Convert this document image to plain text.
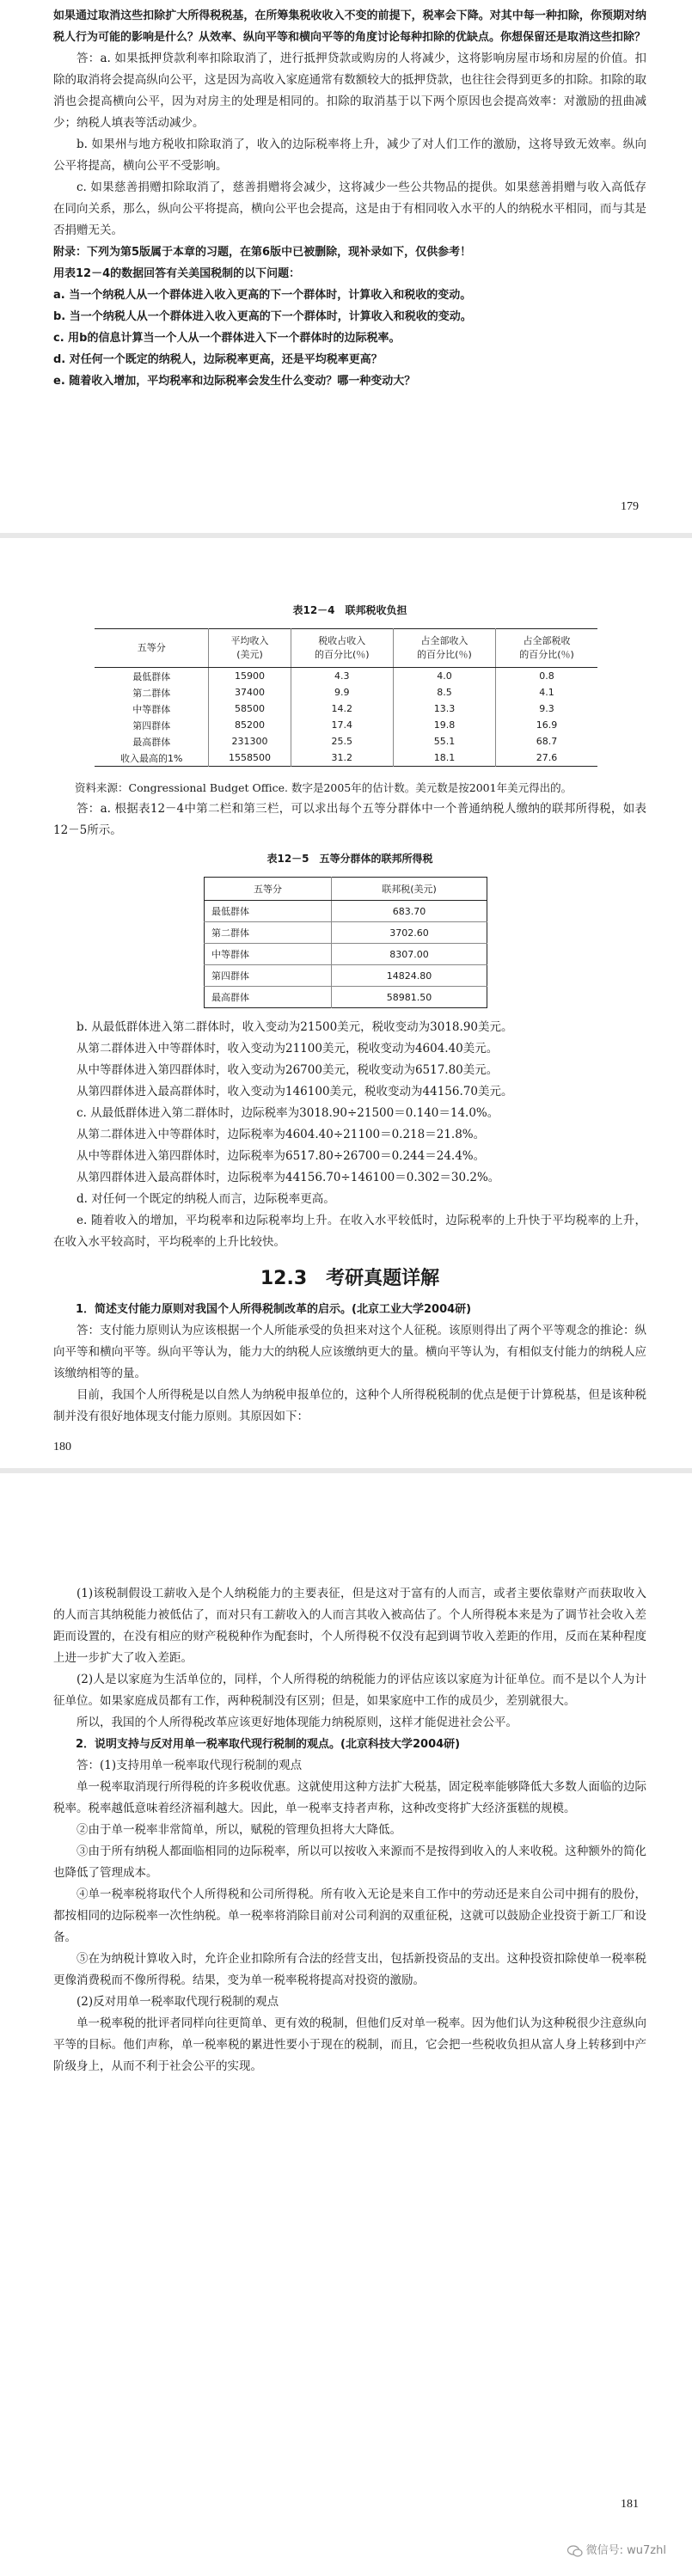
如果通过取消这些扣除扩大所得税税基，在所筹集税收收入不变的前提下，税率会下降。对其中每一种扣除，你预期对纳税人行为可能的影响是什么？从效率、纵向平等和横向平等的角度讨论每种扣除的优缺点。你想保留还是取消这些扣除？

答：a. 如果抵押贷款利率扣除取消了，进行抵押贷款或购房的人将减少，这将影响房屋市场和房屋的价值。扣除的取消将会提高纵向公平，这是因为高收入家庭通常有数额较大的抵押贷款，也往往会得到更多的扣除。扣除的取消也会提高横向公平，因为对房主的处理是相同的。扣除的取消基于以下两个原因也会提高效率：对激励的扭曲减少；纳税人填表等活动减少。

b. 如果州与地方税收扣除取消了，收入的边际税率将上升，减少了对人们工作的激励，这将导致无效率。纵向公平将提高，横向公平不受影响。

c. 如果慈善捐赠扣除取消了，慈善捐赠将会减少，这将减少一些公共物品的提供。如果慈善捐赠与收入高低存在同向关系，那么，纵向公平将提高，横向公平也会提高，这是由于有相同收入水平的人的纳税水平相同，而与其是否捐赠无关。

附录：下列为第5版属于本章的习题，在第6版中已被删除，现补录如下，仅供参考！

用表12－4的数据回答有关美国税制的以下问题：

a. 当一个纳税人从一个群体进入收入更高的下一个群体时，计算收入和税收的变动。

b. 当一个纳税人从一个群体进入收入更高的下一个群体时，计算收入和税收的变动。

c. 用b的信息计算当一个人从一个群体进入下一个群体时的边际税率。

d. 对任何一个既定的纳税人，边际税率更高，还是平均税率更高？

e. 随着收入增加，平均税率和边际税率会发生什么变动？哪一种变动大？

179

表12－4　联邦税收负担

五等分	平均收入
(美元)	税收占收入
的百分比(％)	占全部收入
的百分比(％)	占全部税收
的百分比(％)
最低群体	15900	4.3	4.0	0.8
第二群体	37400	9.9	8.5	4.1
中等群体	58500	14.2	13.3	9.3
第四群体	85200	17.4	19.8	16.9
最高群体	231300	25.5	55.1	68.7
收入最高的1%	1558500	31.2	18.1	27.6

资料来源：Congressional Budget Office. 数字是2005年的估计数。美元数是按2001年美元得出的。

答：a. 根据表12－4中第二栏和第三栏，可以求出每个五等分群体中一个普通纳税人缴纳的联邦所得税，如表12－5所示。

表12－5　五等分群体的联邦所得税

五等分	联邦税(美元)
最低群体	683.70
第二群体	3702.60
中等群体	8307.00
第四群体	14824.80
最高群体	58981.50

b. 从最低群体进入第二群体时，收入变动为21500美元，税收变动为3018.90美元。

从第二群体进入中等群体时，收入变动为21100美元，税收变动为4604.40美元。

从中等群体进入第四群体时，收入变动为26700美元，税收变动为6517.80美元。

从第四群体进入最高群体时，收入变动为146100美元，税收变动为44156.70美元。

c. 从最低群体进入第二群体时，边际税率为3018.90÷21500＝0.140＝14.0%。

从第二群体进入中等群体时，边际税率为4604.40÷21100＝0.218＝21.8%。

从中等群体进入第四群体时，边际税率为6517.80÷26700＝0.244＝24.4%。

从第四群体进入最高群体时，边际税率为44156.70÷146100＝0.302＝30.2%。

d. 对任何一个既定的纳税人而言，边际税率更高。

e. 随着收入的增加，平均税率和边际税率均上升。在收入水平较低时，边际税率的上升快于平均税率的上升，在收入水平较高时，平均税率的上升比较快。

12.3　考研真题详解

1．简述支付能力原则对我国个人所得税制改革的启示。(北京工业大学2004研)

答：支付能力原则认为应该根据一个人所能承受的负担来对这个人征税。该原则得出了两个平等观念的推论：纵向平等和横向平等。纵向平等认为，能力大的纳税人应该缴纳更大的量。横向平等认为，有相似支付能力的纳税人应该缴纳相等的量。

目前，我国个人所得税是以自然人为纳税申报单位的，这种个人所得税税制的优点是便于计算税基，但是该种税制并没有很好地体现支付能力原则。其原因如下：

180

(1)该税制假设工薪收入是个人纳税能力的主要表征，但是这对于富有的人而言，或者主要依靠财产而获取收入的人而言其纳税能力被低估了，而对只有工薪收入的人而言其收入被高估了。个人所得税本来是为了调节社会收入差距而设置的，在没有相应的财产税税种作为配套时，个人所得税不仅没有起到调节收入差距的作用，反而在某种程度上进一步扩大了收入差距。

(2)人是以家庭为生活单位的，同样，个人所得税的纳税能力的评估应该以家庭为计征单位。而不是以个人为计征单位。如果家庭成员都有工作，两种税制没有区别；但是，如果家庭中工作的成员少，差别就很大。

所以，我国的个人所得税改革应该更好地体现能力纳税原则，这样才能促进社会公平。

2．说明支持与反对用单一税率取代现行税制的观点。(北京科技大学2004研)

答：(1)支持用单一税率取代现行税制的观点

单一税率取消现行所得税的许多税收优惠。这就使用这种方法扩大税基，固定税率能够降低大多数人面临的边际税率。税率越低意味着经济福利越大。因此，单一税率支持者声称，这种改变将扩大经济蛋糕的规模。

②由于单一税率非常简单，所以，赋税的管理负担将大大降低。

③由于所有纳税人都面临相同的边际税率，所以可以按收入来源而不是按得到收入的人来收税。这种额外的简化也降低了管理成本。

④单一税率税将取代个人所得税和公司所得税。所有收入无论是来自工作中的劳动还是来自公司中拥有的股份，都按相同的边际税率一次性纳税。单一税率将消除目前对公司利润的双重征税，这就可以鼓励企业投资于新工厂和设备。

⑤在为纳税计算收入时，允许企业扣除所有合法的经营支出，包括新投资品的支出。这种投资扣除使单一税率税更像消费税而不像所得税。结果，变为单一税率税将提高对投资的激励。

(2)反对用单一税率取代现行税制的观点

单一税率税的批评者同样向往更简单、更有效的税制，但他们反对单一税率。因为他们认为这种税很少注意纵向平等的目标。他们声称，单一税率税的累进性要小于现在的税制，而且，它会把一些税收负担从富人身上转移到中产阶级身上，从而不利于社会公平的实现。

181
微信号: wu7zhl
